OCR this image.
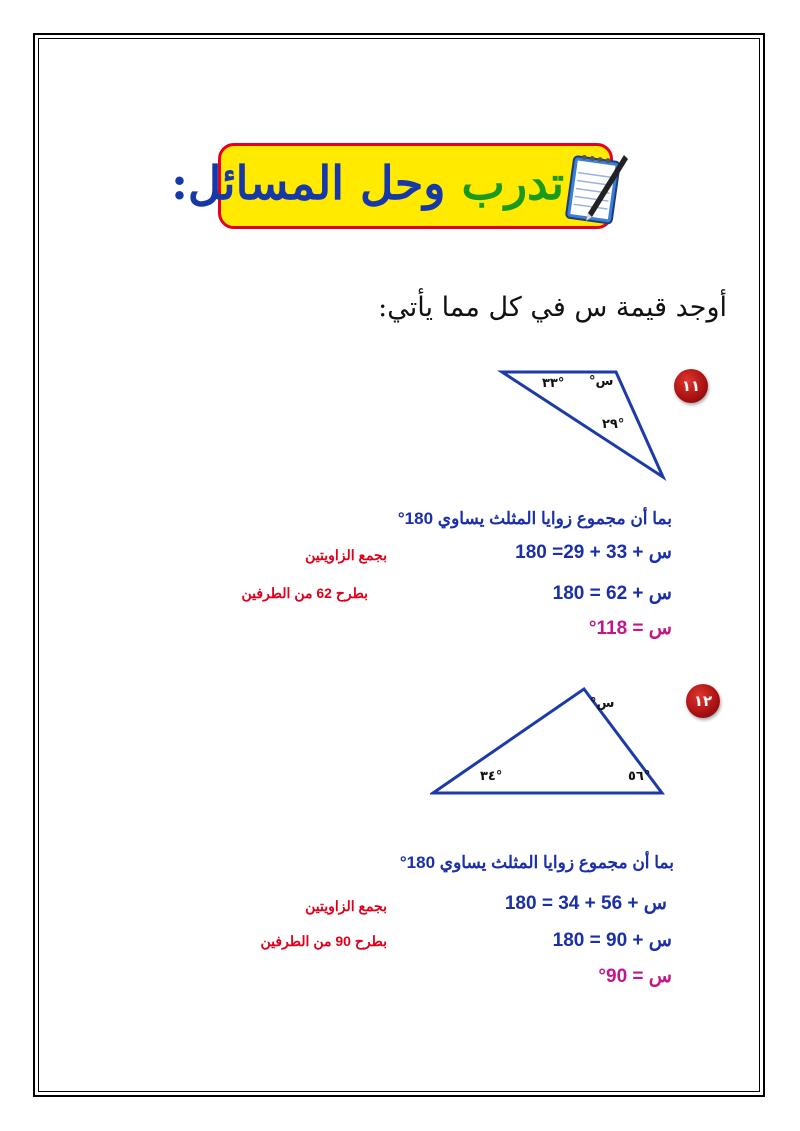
تدرب وحل المسائل:
أوجد قيمة س في كل مما يأتي:
١١
س°
°٣٣
°٢٩
بما أن مجموع زوايا المثلث يساوي 180°
س + 33 + 29= 180
بجمع الزاويتين
س + 62 = 180
بطرح 62 من الطرفين
س = 118°
١٢
س°
°٣٤	°٥٦
بما أن مجموع زوايا المثلث يساوي 180°
س + 56 + 34 = 180
بجمع الزاويتين
س + 90 = 180
بطرح 90 من الطرفين
س = 90°
